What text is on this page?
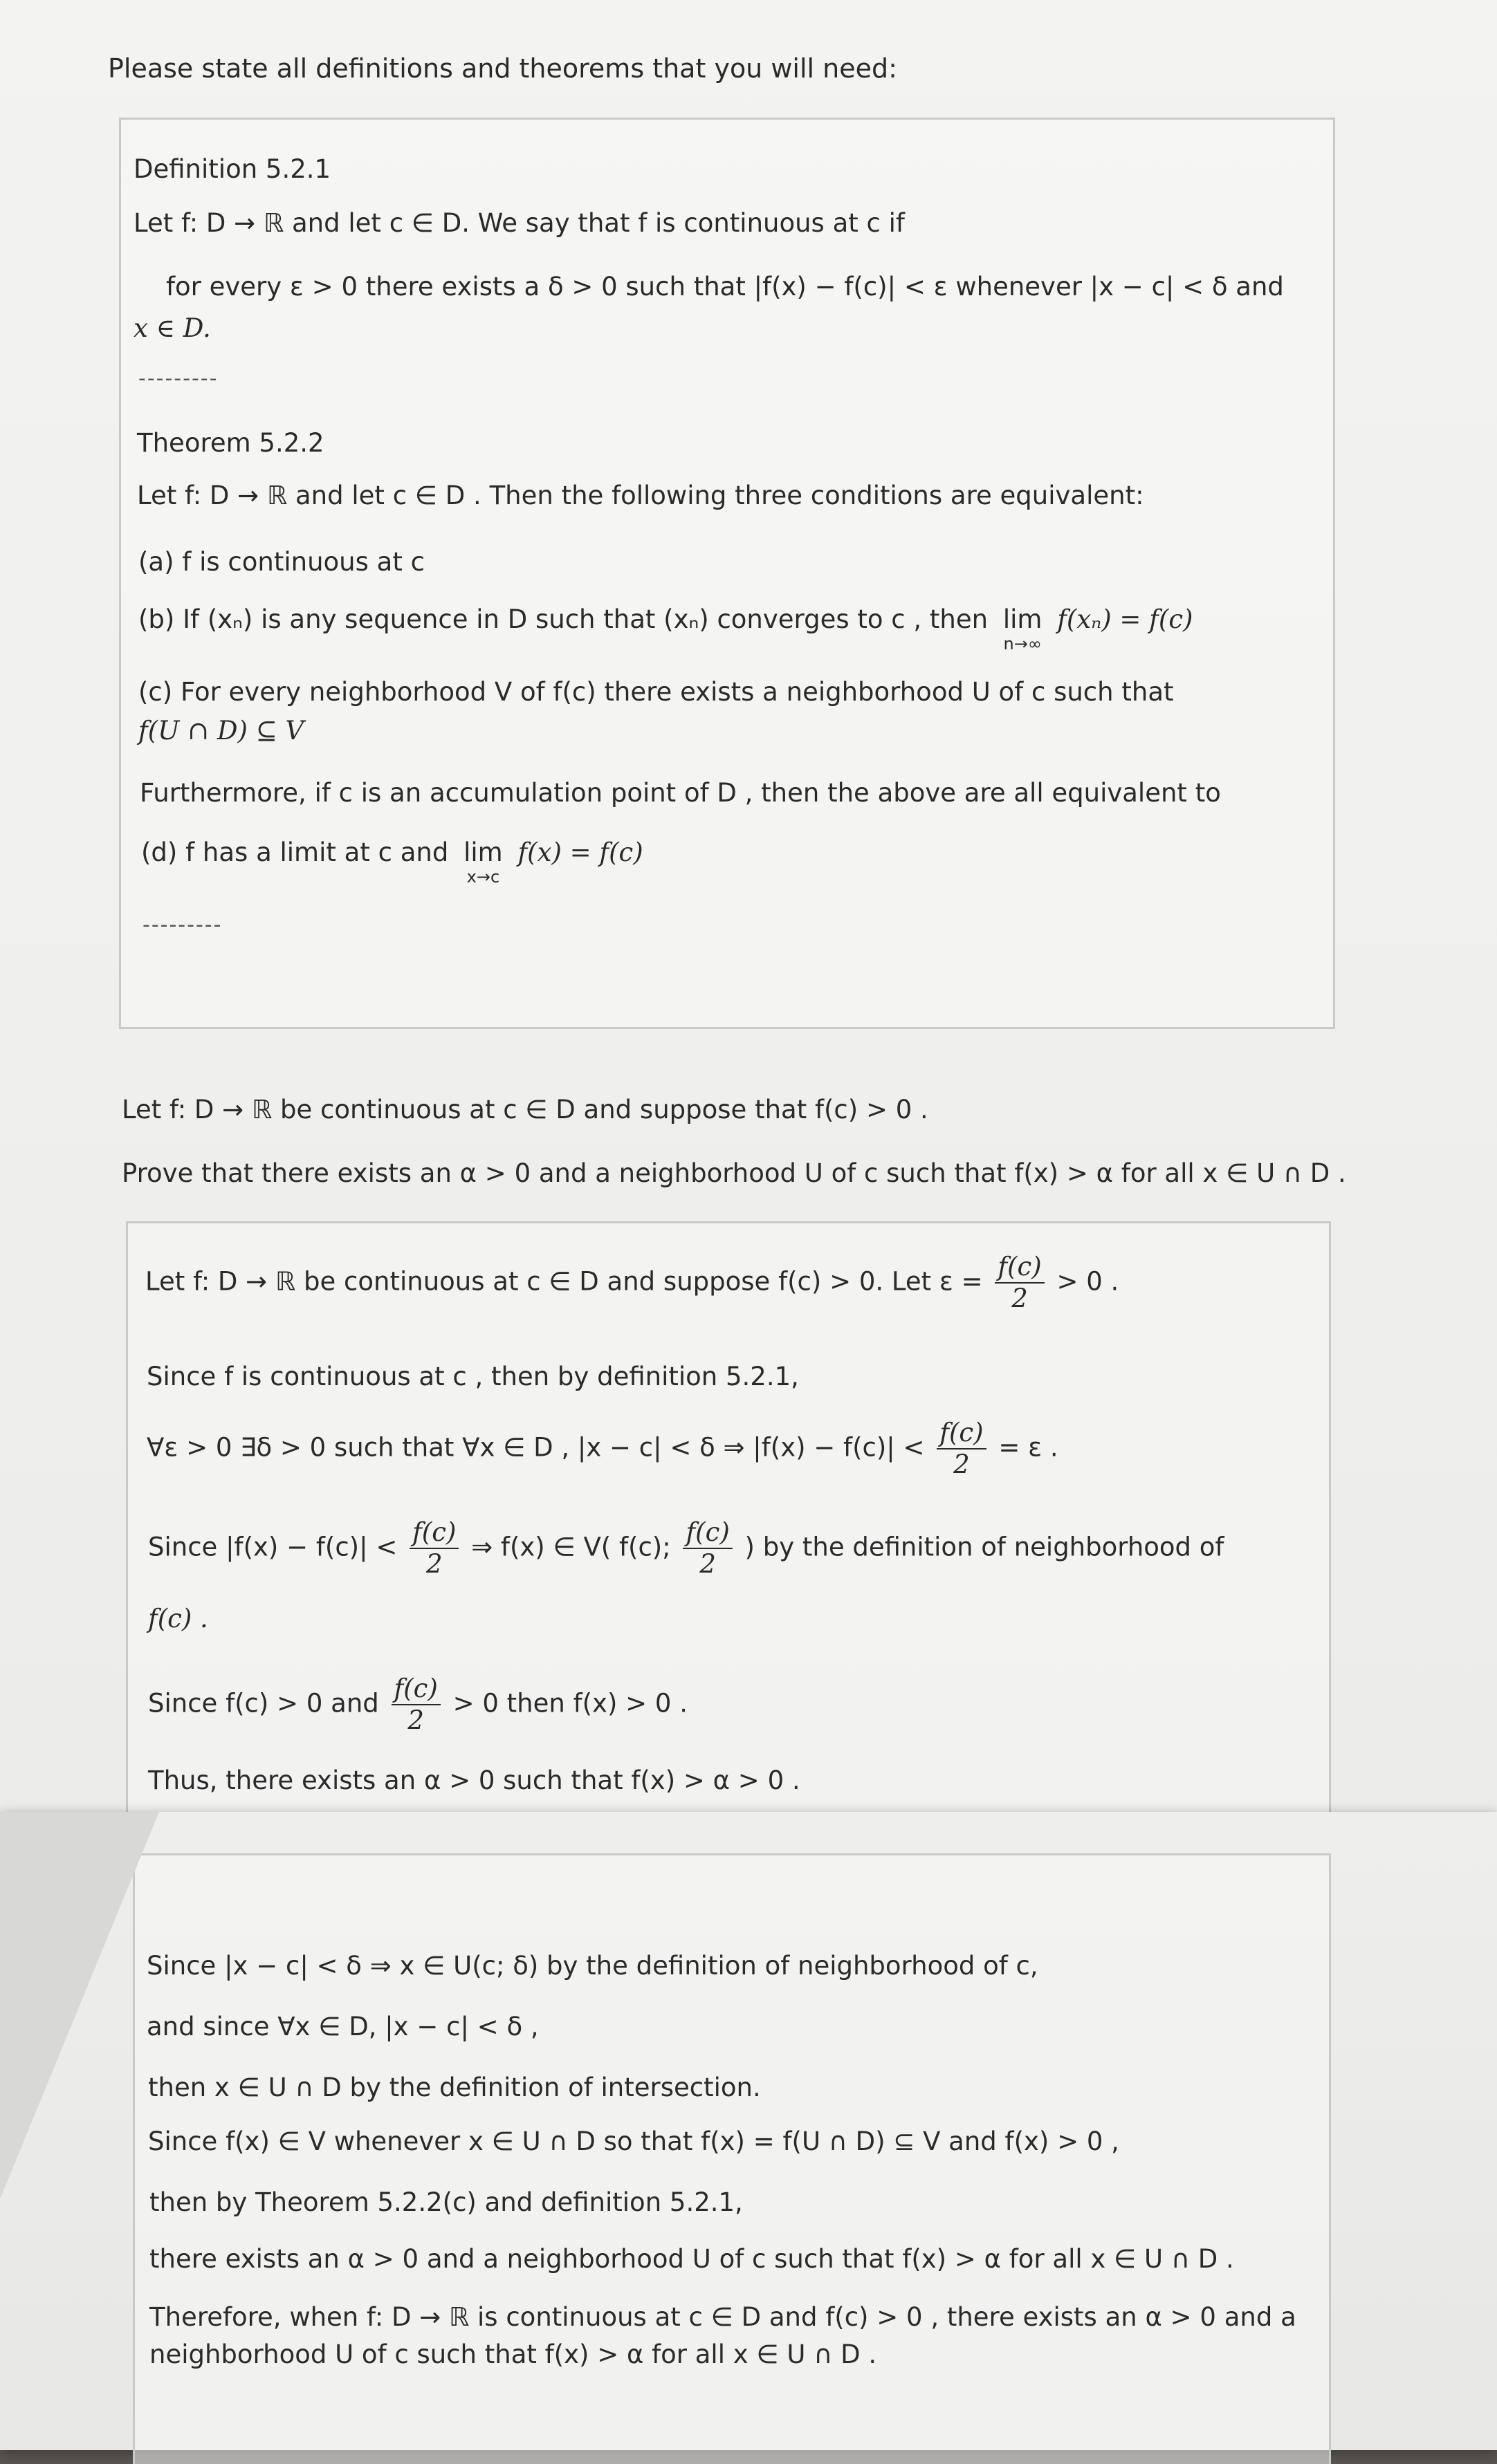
Please state all definitions and theorems that you will need:
Definition 5.2.1
Let f: D → ℝ and let c ∈ D. We say that f is continuous at c if
for every ε > 0 there exists a δ > 0 such that |f(x) − f(c)| < ε whenever |x − c| < δ and
x ∈ D.
---------
Theorem 5.2.2
Let f: D → ℝ and let c ∈ D . Then the following three conditions are equivalent:
(a) f is continuous at c
(b) If (xₙ) is any sequence in D such that (xₙ) converges to c , then lim
n→∞
f(xₙ) = f(c)
(c) For every neighborhood V of f(c) there exists a neighborhood U of c such that
f(U ∩ D) ⊆ V
Furthermore, if c is an accumulation point of D , then the above are all equivalent to
(d) f has a limit at c and lim
x→c
f(x) = f(c)
---------
Let f: D → ℝ be continuous at c ∈ D and suppose that f(c) > 0 .
Prove that there exists an α > 0 and a neighborhood U of c such that f(x) > α for all x ∈ U ∩ D .
Let f: D → ℝ be continuous at c ∈ D and suppose f(c) > 0. Let $\varepsilon = \frac{f(c)}{2} > 0$ .
Since f is continuous at c , then by definition 5.2.1,
∀ε > 0 ∃δ > 0 such that ∀x ∈ D , |x − c| < δ ⇒ $|f(x) - f(c)| < \frac{f(c)}{2} = \varepsilon$ .
Since $|f(x) - f(c)| < \frac{f(c)}{2}$ ⇒ f(x) ∈ V( f(c); $\frac{f(c)}{2}$ ) by the definition of neighborhood of
f(c) .
Since f(c) > 0 and $\frac{f(c)}{2} > 0$ then f(x) > 0 .
Thus, there exists an α > 0 such that f(x) > α > 0 .
Since |x − c| < δ ⇒ x ∈ U(c; δ) by the definition of neighborhood of c,
and since ∀x ∈ D, |x − c| < δ ,
then x ∈ U ∩ D by the definition of intersection.
Since f(x) ∈ V whenever x ∈ U ∩ D so that f(x) = f(U ∩ D) ⊆ V and f(x) > 0 ,
then by Theorem 5.2.2(c) and definition 5.2.1,
there exists an α > 0 and a neighborhood U of c such that f(x) > α for all x ∈ U ∩ D .
Therefore, when f: D → ℝ is continuous at c ∈ D and f(c) > 0 , there exists an α > 0 and a
neighborhood U of c such that f(x) > α for all x ∈ U ∩ D .
